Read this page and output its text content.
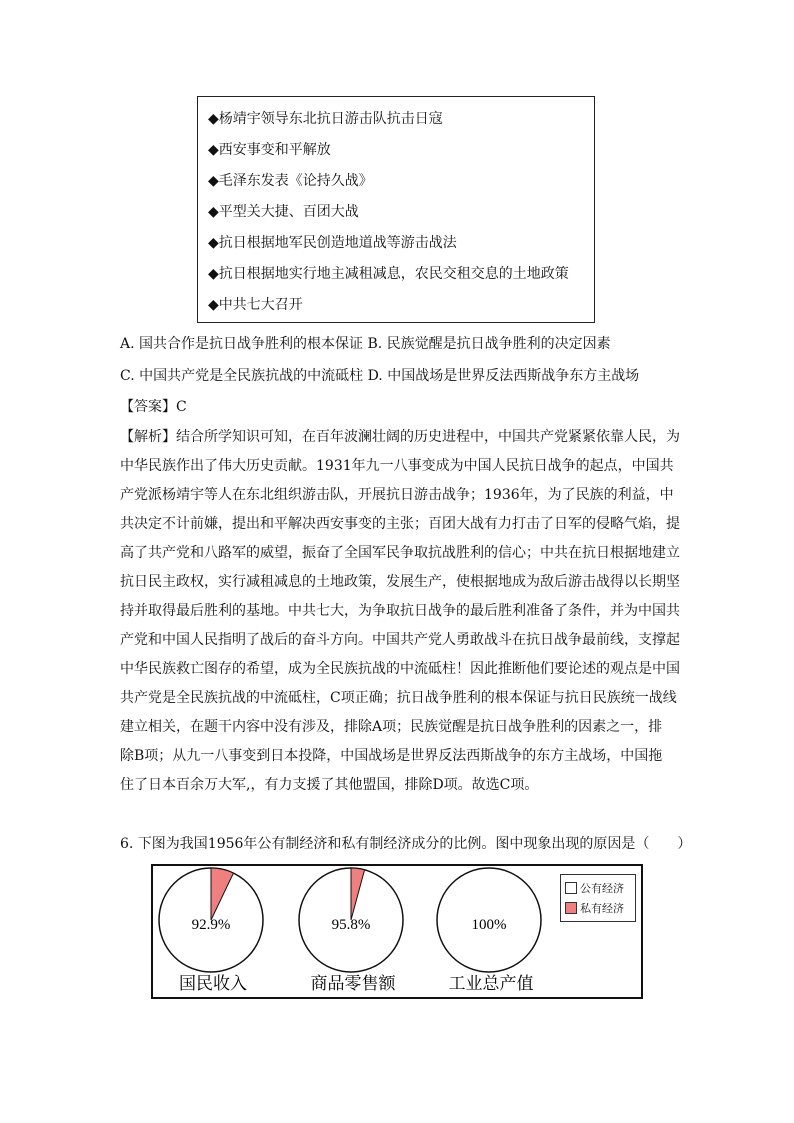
◆杨靖宇领导东北抗日游击队抗击日寇
◆西安事变和平解放
◆毛泽东发表《论持久战》
◆平型关大捷、百团大战
◆抗日根据地军民创造地道战等游击战法
◆抗日根据地实行地主减租减息，农民交租交息的土地政策
◆中共七大召开
A. 国共合作是抗日战争胜利的根本保证 B. 民族觉醒是抗日战争胜利的决定因素
C. 中国共产党是全民族抗战的中流砥柱 D. 中国战场是世界反法西斯战争东方主战场
【答案】C

【解析】结合所学知识可知，在百年波澜壮阔的历史进程中，中国共产党紧紧依靠人民，为
中华民族作出了伟大历史贡献。1931年九一八事变成为中国人民抗日战争的起点，中国共
产党派杨靖宇等人在东北组织游击队，开展抗日游击战争；1936年，为了民族的利益，中
共决定不计前嫌，提出和平解决西安事变的主张；百团大战有力打击了日军的侵略气焰，提
高了共产党和八路军的威望，振奋了全国军民争取抗战胜利的信心；中共在抗日根据地建立
抗日民主政权，实行减租减息的土地政策，发展生产，使根据地成为敌后游击战得以长期坚
持并取得最后胜利的基地。中共七大，为争取抗日战争的最后胜利准备了条件，并为中国共
产党和中国人民指明了战后的奋斗方向。中国共产党人勇敢战斗在抗日战争最前线，支撑起
中华民族救亡图存的希望，成为全民族抗战的中流砥柱！因此推断他们要论述的观点是中国
共产党是全民族抗战的中流砥柱，C项正确；抗日战争胜利的根本保证与抗日民族统一战线
建立相关，在题干内容中没有涉及，排除A项；民族觉醒是抗日战争胜利的因素之一，排
除B项；从九一八事变到日本投降，中国战场是世界反法西斯战争的东方主战场，中国拖
住了日本百余万大军,，有力支援了其他盟国，排除D项。故选C项。

6. 下图为我国1956年公有制经济和私有制经济成分的比例。图中现象出现的原因是（　　）
92.9%
国民收入
95.8%
商品零售额
100%
工业总产值
公有经济
私有经济
